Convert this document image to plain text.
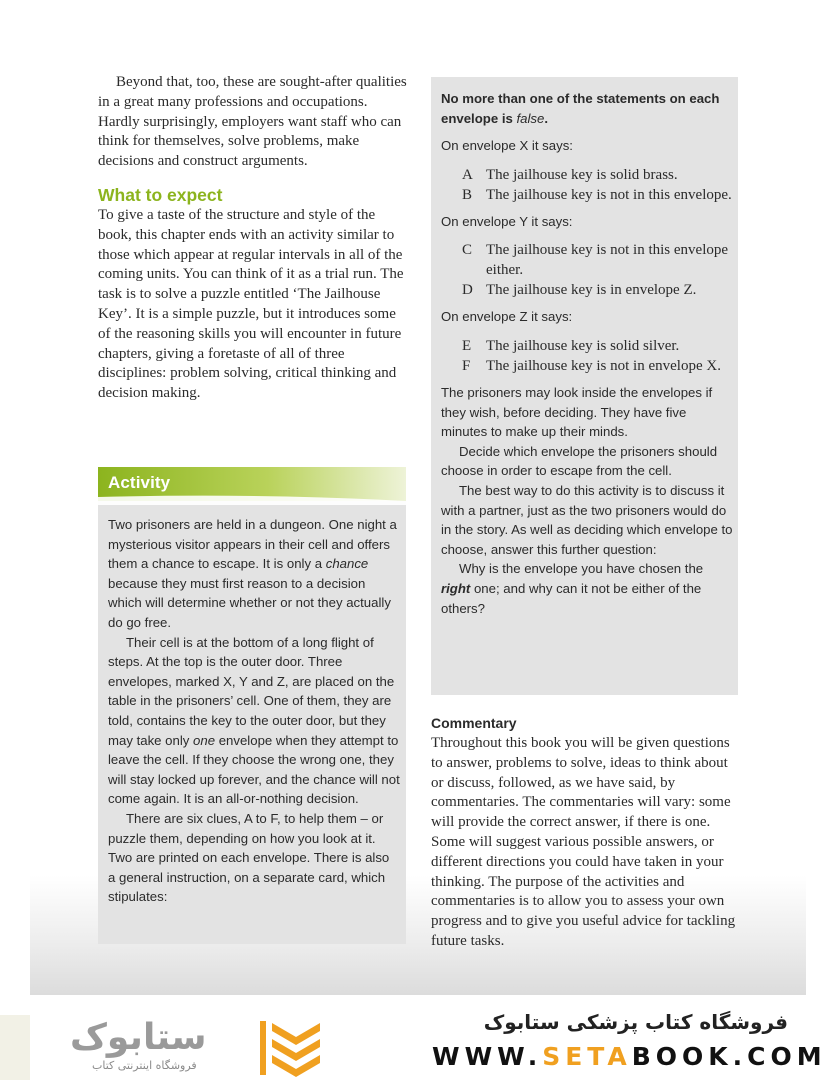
Beyond that, too, these are sought-after qualities in a great many professions and occupations. Hardly surprisingly, employers want staff who can think for themselves, solve problems, make decisions and construct arguments.

What to expect

To give a taste of the structure and style of the book, this chapter ends with an activity similar to those which appear at regular intervals in all of the coming units. You can think of it as a trial run. The task is to solve a puzzle entitled ‘The Jailhouse Key’. It is a simple puzzle, but it introduces some of the reasoning skills you will encounter in future chapters, giving a foretaste of all of three disciplines: problem solving, critical thinking and decision making.

Activity

Two prisoners are held in a dungeon. One night a mysterious visitor appears in their cell and offers them a chance to escape. It is only a chance because they must first reason to a decision which will determine whether or not they actually do go free.

Their cell is at the bottom of a long flight of steps. At the top is the outer door. Three envelopes, marked X, Y and Z, are placed on the table in the prisoners’ cell. One of them, they are told, contains the key to the outer door, but they may take only one envelope when they attempt to leave the cell. If they choose the wrong one, they will stay locked up forever, and the chance will not come again. It is an all-or-nothing decision.

There are six clues, A to F, to help them – or puzzle them, depending on how you look at it. Two are printed on each envelope. There is also a general instruction, on a separate card, which stipulates:

No more than one of the statements on each envelope is false.

On envelope X it says:

A The jailhouse key is solid brass.
B The jailhouse key is not in this envelope.

On envelope Y it says:

C The jailhouse key is not in this envelope either.
D The jailhouse key is in envelope Z.

On envelope Z it says:

E The jailhouse key is solid silver.
F	The jailhouse key is not in envelope X.

The prisoners may look inside the envelopes if they wish, before deciding. They have five minutes to make up their minds.

Decide which envelope the prisoners should choose in order to escape from the cell.

The best way to do this activity is to discuss it with a partner, just as the two prisoners would do in the story. As well as deciding which envelope to choose, answer this further question:

Why is the envelope you have chosen the right one; and why can it not be either of the others?

Commentary

Throughout this book you will be given questions to answer, problems to solve, ideas to think about or discuss, followed, as we have said, by commentaries. The commentaries will vary: some will provide the correct answer, if there is one. Some will suggest various possible answers, or different directions you could have taken in your thinking. The purpose of the activities and commentaries is to allow you to assess your own progress and to give you useful advice for tackling future tasks.

ستابوک
فروشگاه اینترنتی کتاب
فروشگاه کتاب پزشکی ستابوک
WWW.SETABOOK.COM
